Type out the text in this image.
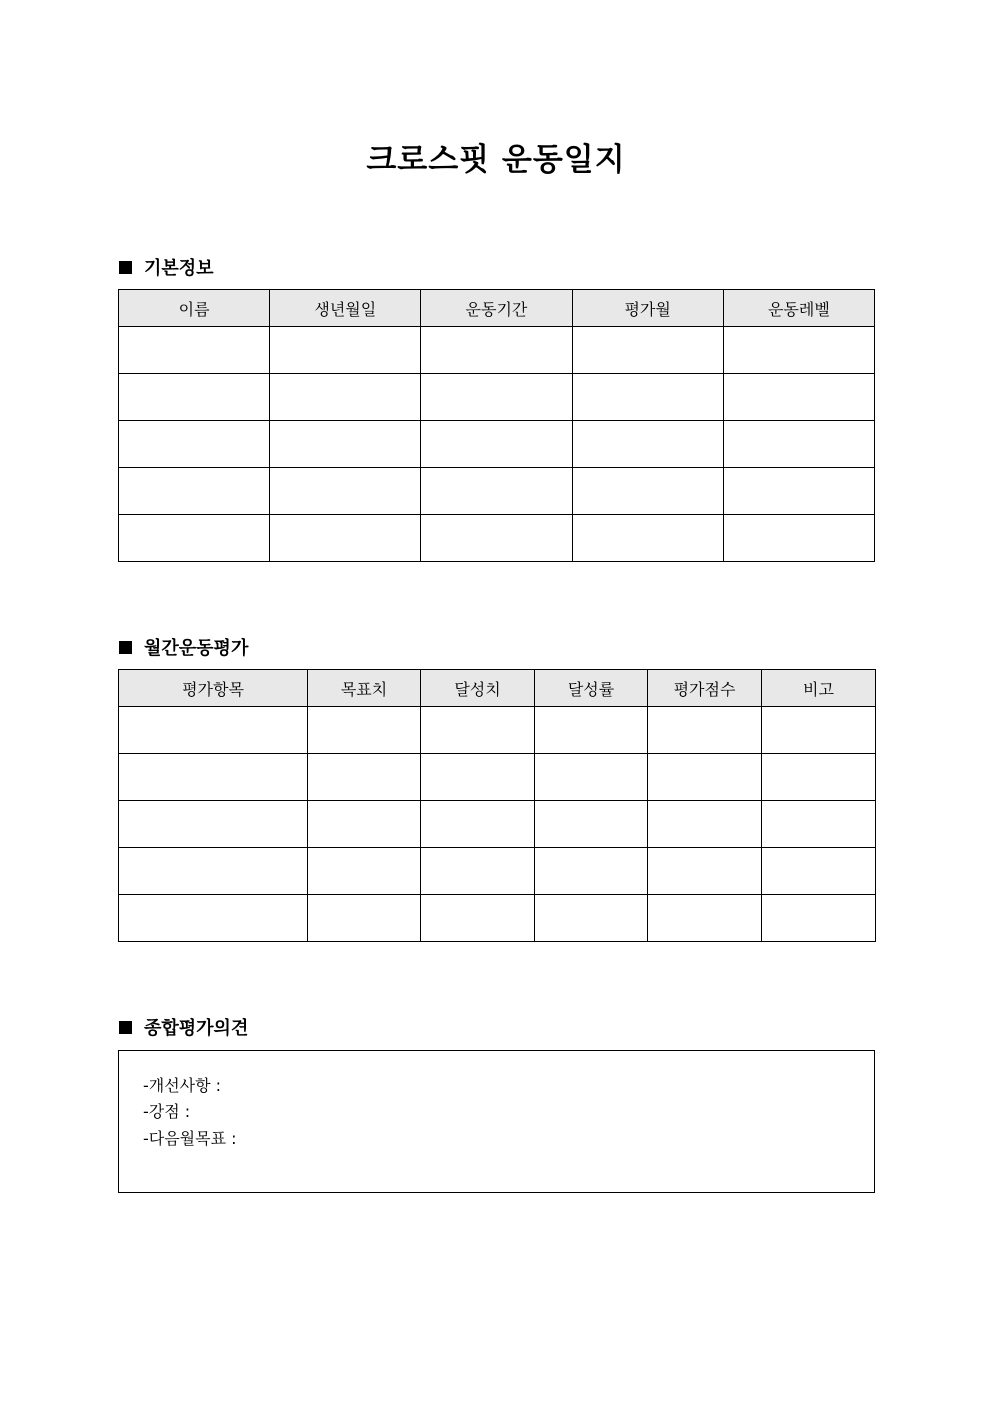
크로스핏 운동일지
기본정보
이름	생년월일	운동기간	평가월	운동레벨

월간운동평가
평가항목	목표치	달성치	달성률	평가점수	비고

종합평가의견
-개선사항 :
-강점 :
-다음월목표 :
